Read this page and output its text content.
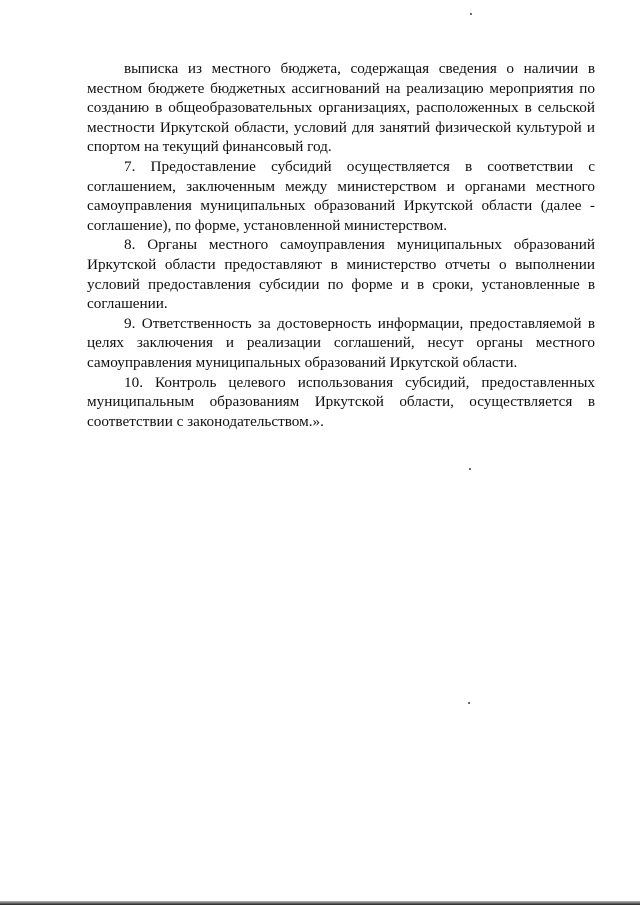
выписка из местного бюджета, содержащая сведения о наличии в местном бюджете бюджетных ассигнований на реализацию мероприятия по созданию в общеобразовательных организациях, расположенных в сельской местности Иркутской области, условий для занятий физической культурой и спортом на текущий финансовый год.

7. Предоставление субсидий осуществляется в соответствии с соглашением, заключенным между министерством и органами местного самоуправления муниципальных образований Иркутской области (далее - соглашение), по форме, установленной министерством.

8. Органы местного самоуправления муниципальных образований Иркутской области предоставляют в министерство отчеты о выполнении условий предоставления субсидии по форме и в сроки, установленные в соглашении.

9. Ответственность за достоверность информации, предоставляемой в целях заключения и реализации соглашений, несут органы местного самоуправления муниципальных образований Иркутской области.

10. Контроль целевого использования субсидий, предоставленных муниципальным образованиям Иркутской области, осуществляется в соответствии с законодательством.».
